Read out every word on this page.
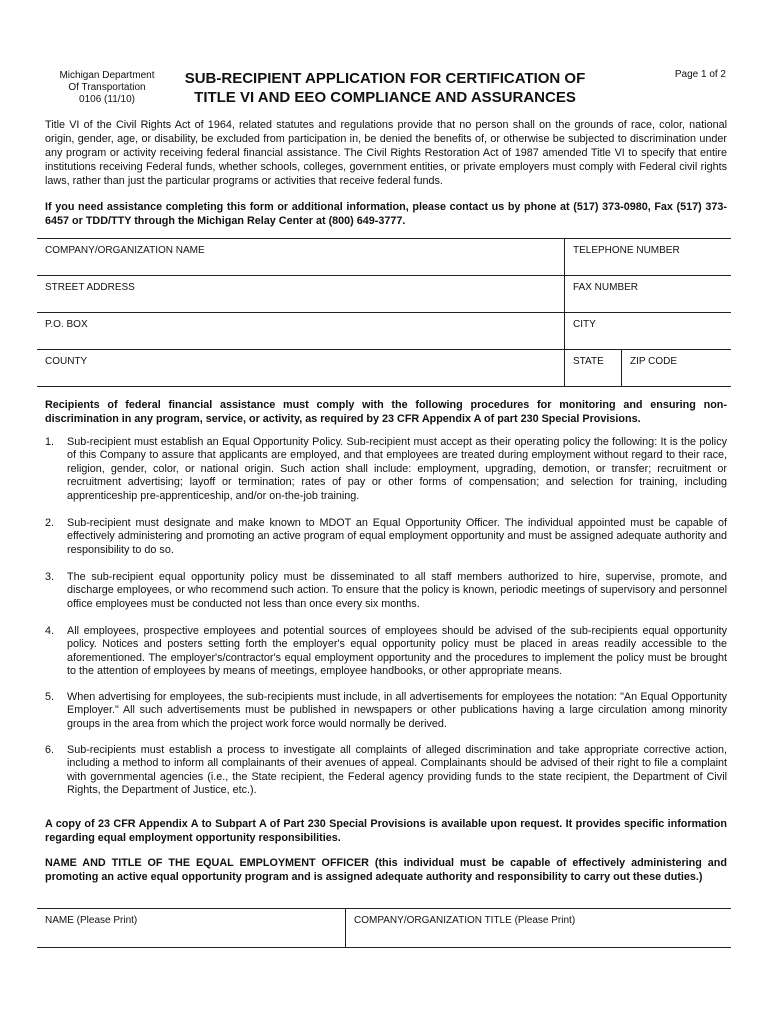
Michigan Department
Of Transportation
0106 (11/10)
SUB-RECIPIENT APPLICATION FOR CERTIFICATION OF
TITLE VI AND EEO COMPLIANCE AND ASSURANCES
Page 1 of 2
Title VI of the Civil Rights Act of 1964, related statutes and regulations provide that no person shall on the grounds of race, color, national origin, gender, age, or disability, be excluded from participation in, be denied the benefits of, or otherwise be subjected to discrimination under any program or activity receiving federal financial assistance. The Civil Rights Restoration Act of 1987 amended Title VI to specify that entire institutions receiving Federal funds, whether schools, colleges, government entities, or private employers must comply with Federal civil rights laws, rather than just the particular programs or activities that receive federal funds.
If you need assistance completing this form or additional information, please contact us by phone at (517) 373-0980, Fax (517) 373-6457 or TDD/TTY through the Michigan Relay Center at (800) 649-3777.
COMPANY/ORGANIZATION NAME	TELEPHONE NUMBER	
STREET ADDRESS	FAX NUMBER	
P.O. BOX	CITY	
COUNTY	STATE	ZIP CODE
Recipients of federal financial assistance must comply with the following procedures for monitoring and ensuring non-discrimination in any program, service, or activity, as required by 23 CFR Appendix A of part 230 Special Provisions.
1.	Sub-recipient must establish an Equal Opportunity Policy. Sub-recipient must accept as their operating policy the following: It is the policy of this Company to assure that applicants are employed, and that employees are treated during employment without regard to their race, religion, gender, color, or national origin. Such action shall include: employment, upgrading, demotion, or transfer; recruitment or recruitment advertising; layoff or termination; rates of pay or other forms of compensation; and selection for training, including apprenticeship pre-apprenticeship, and/or on-the-job training.
2.	Sub-recipient must designate and make known to MDOT an Equal Opportunity Officer. The individual appointed must be capable of effectively administering and promoting an active program of equal employment opportunity and must be assigned adequate authority and responsibility to do so.
3.	The sub-recipient equal opportunity policy must be disseminated to all staff members authorized to hire, supervise, promote, and discharge employees, or who recommend such action. To ensure that the policy is known, periodic meetings of supervisory and personnel office employees must be conducted not less than once every six months.
4.	All employees, prospective employees and potential sources of employees should be advised of the sub-recipients equal opportunity policy. Notices and posters setting forth the employer's equal opportunity policy must be placed in areas readily accessible to the aforementioned. The employer's/contractor's equal employment opportunity and the procedures to implement the policy must be brought to the attention of employees by means of meetings, employee handbooks, or other appropriate means.
5.	When advertising for employees, the sub-recipients must include, in all advertisements for employees the notation: "An Equal Opportunity Employer." All such advertisements must be published in newspapers or other publications having a large circulation among minority groups in the area from which the project work force would normally be derived.
6.	Sub-recipients must establish a process to investigate all complaints of alleged discrimination and take appropriate corrective action, including a method to inform all complainants of their avenues of appeal. Complainants should be advised of their right to file a complaint with governmental agencies (i.e., the State recipient, the Federal agency providing funds to the state recipient, the Department of Civil Rights, the Department of Justice, etc.).
A copy of 23 CFR Appendix A to Subpart A of Part 230 Special Provisions is available upon request. It provides specific information regarding equal employment opportunity responsibilities.
NAME AND TITLE OF THE EQUAL EMPLOYMENT OFFICER (this individual must be capable of effectively administering and promoting an active equal opportunity program and is assigned adequate authority and responsibility to carry out these duties.)
NAME (Please Print)	COMPANY/ORGANIZATION TITLE (Please Print)
